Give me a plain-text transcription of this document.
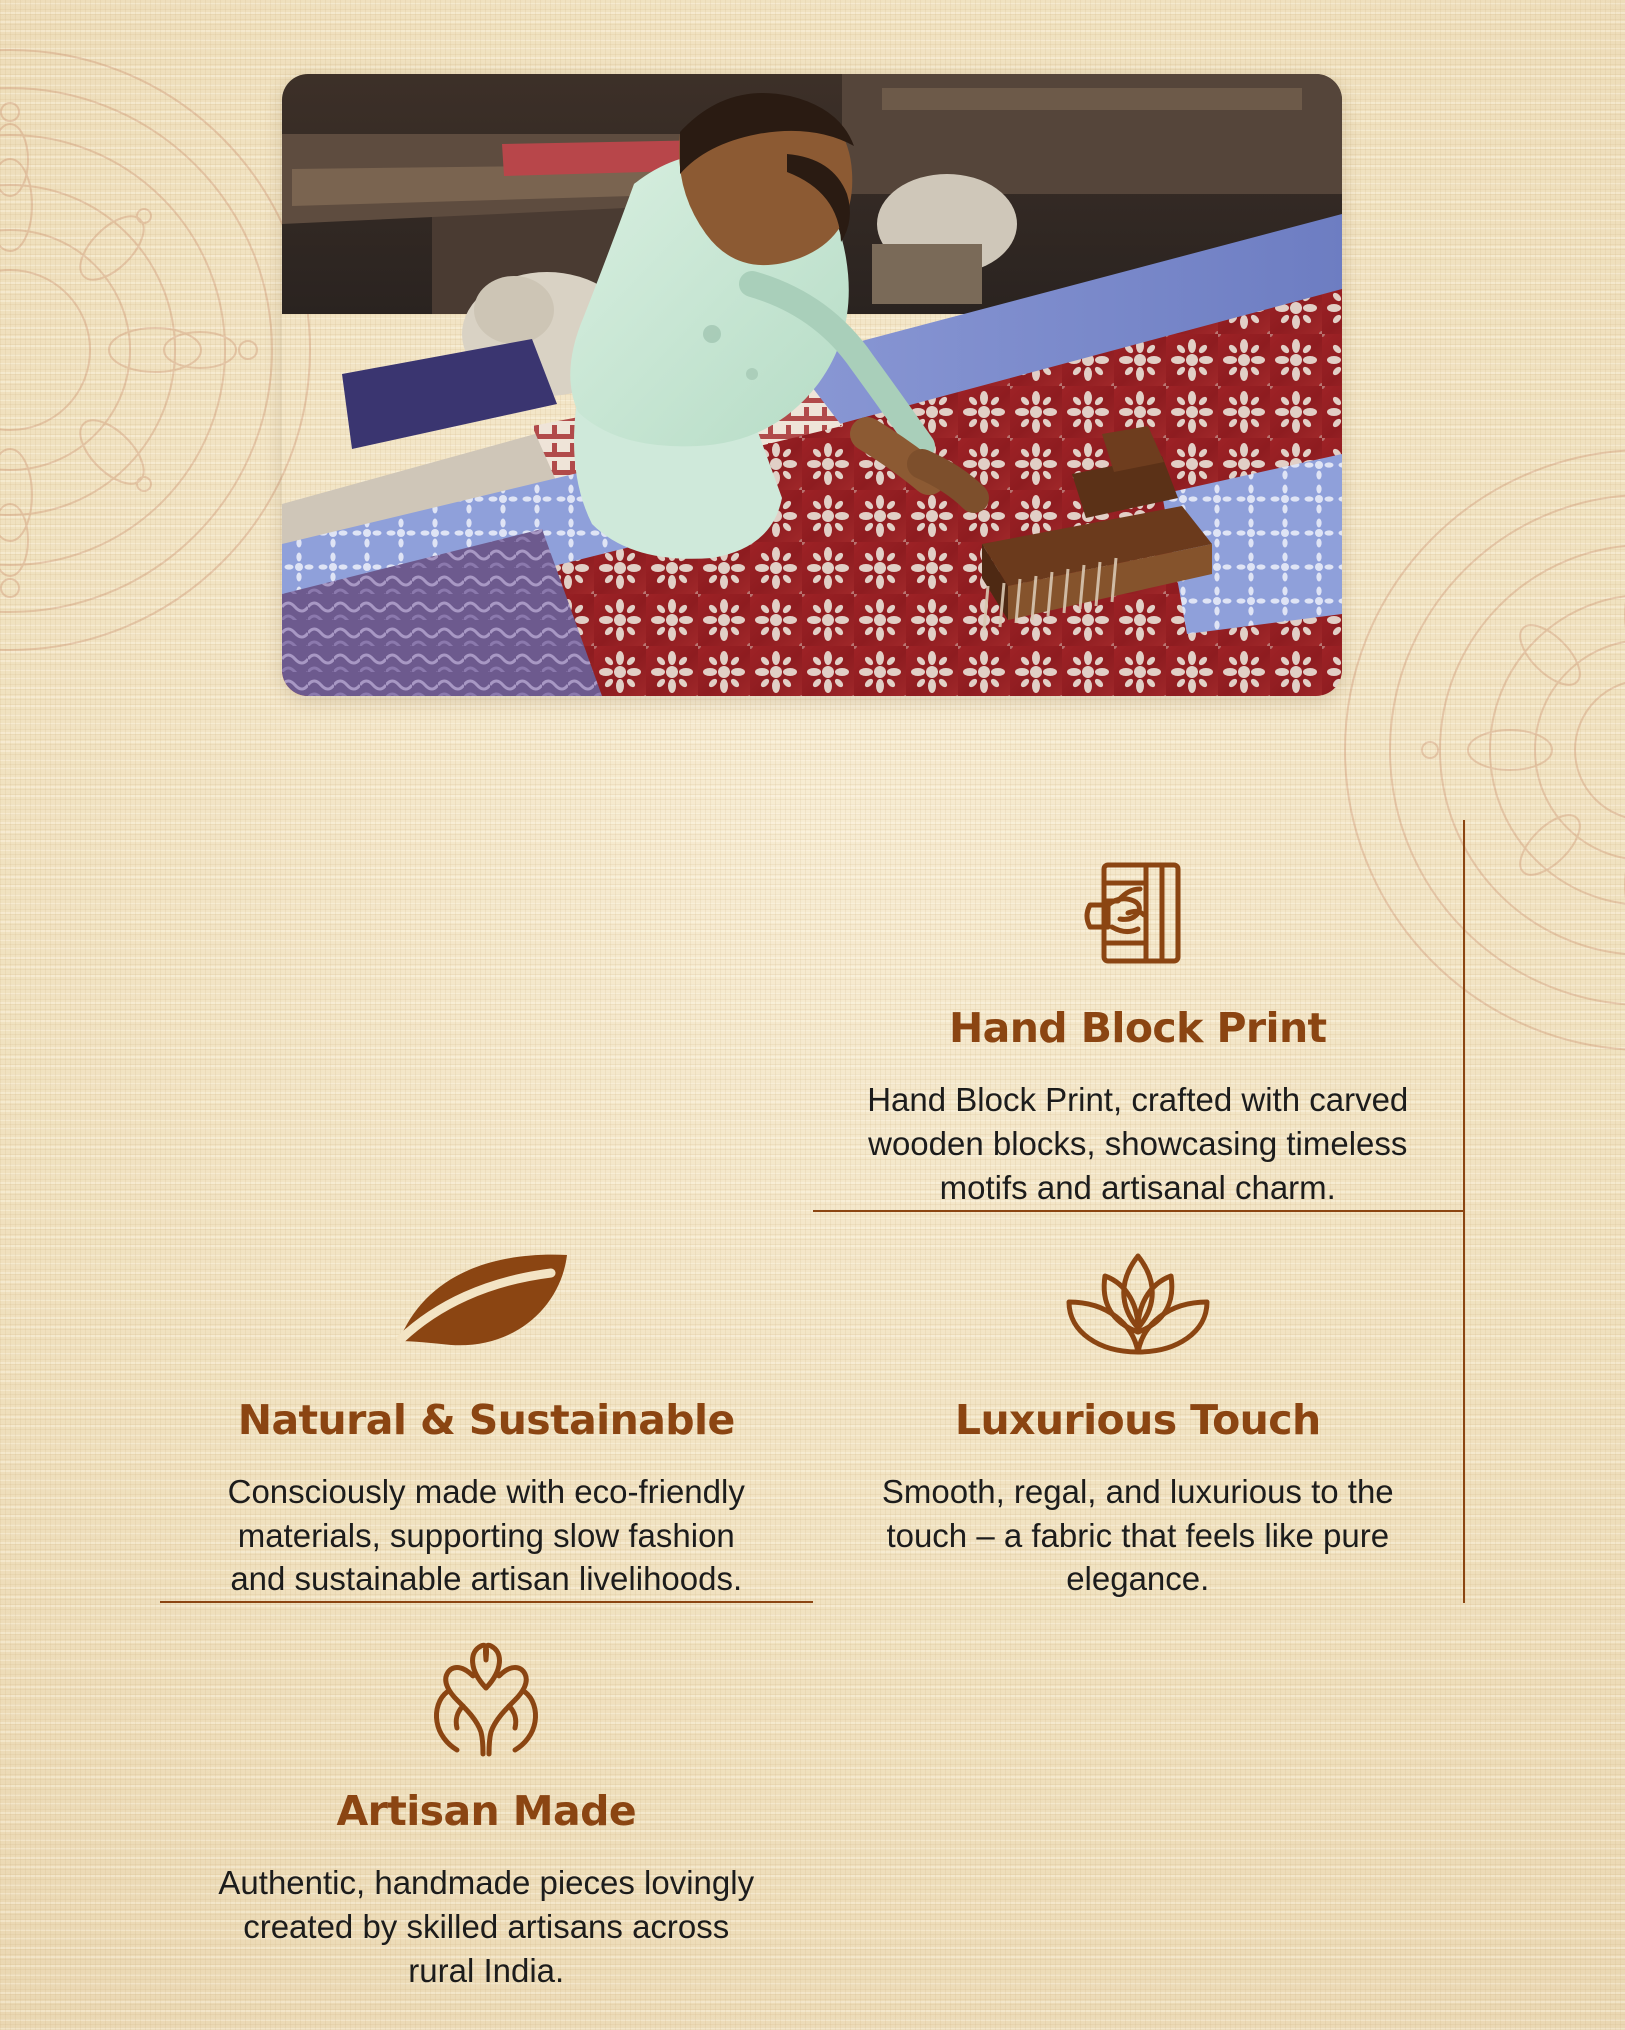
Hand Block Print
Hand Block Print, crafted with carved wooden blocks, showcasing timeless motifs and artisanal charm.
Natural & Sustainable
Consciously made with eco-friendly materials, supporting slow fashion and sustainable artisan livelihoods.
Luxurious Touch
Smooth, regal, and luxurious to the touch – a fabric that feels like pure elegance.
Artisan Made
Authentic, handmade pieces lovingly created by skilled artisans across rural India.
